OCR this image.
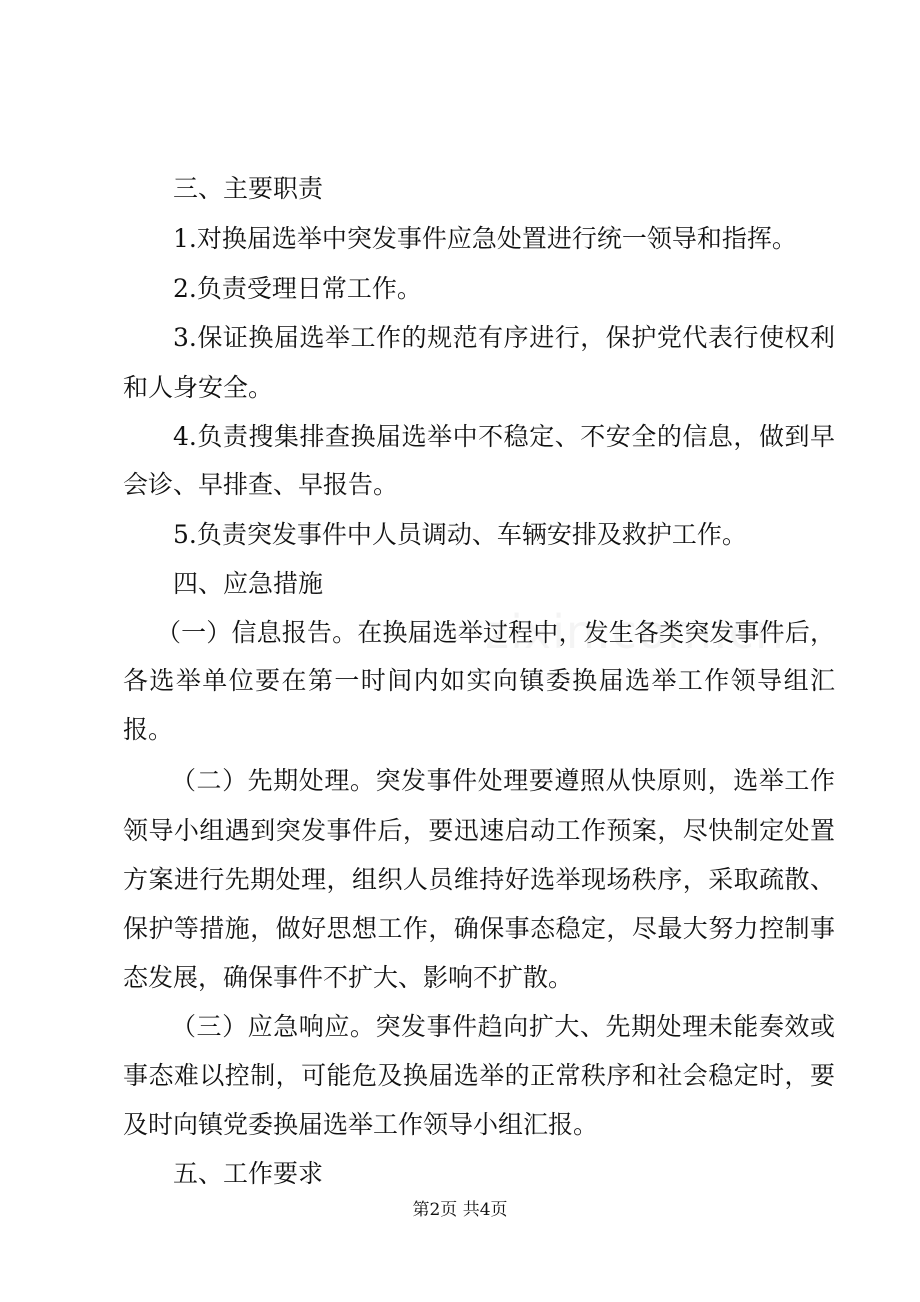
三、主要职责
1.对换届选举中突发事件应急处置进行统一领导和指挥。
2.负责受理日常工作。
3.保证换届选举工作的规范有序进行，保护党代表行使权利
和人身安全。
4.负责搜集排查换届选举中不稳定、不安全的信息，做到早
会诊、早排查、早报告。
5.负责突发事件中人员调动、车辆安排及救护工作。
四、应急措施
（一）信息报告。在换届选举过程中，发生各类突发事件后，
各选举单位要在第一时间内如实向镇委换届选举工作领导组汇
报。
（二）先期处理。突发事件处理要遵照从快原则，选举工作
领导小组遇到突发事件后，要迅速启动工作预案，尽快制定处置
方案进行先期处理，组织人员维持好选举现场秩序，采取疏散、
保护等措施，做好思想工作，确保事态稳定，尽最大努力控制事
态发展，确保事件不扩大、影响不扩散。
（三）应急响应。突发事件趋向扩大、先期处理未能奏效或
事态难以控制，可能危及换届选举的正常秩序和社会稳定时，要
及时向镇党委换届选举工作领导小组汇报。
五、工作要求
第2页 共4页
